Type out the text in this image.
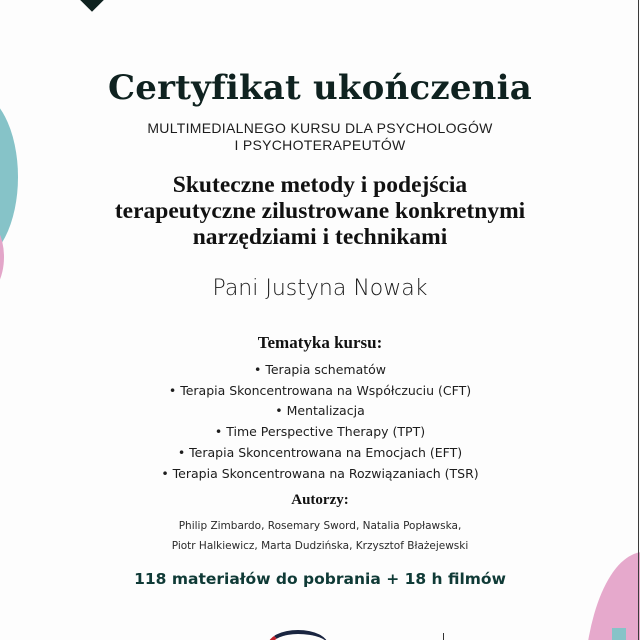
Certyfikat ukończenia
MULTIMEDIALNEGO KURSU DLA PSYCHOLOGÓW
I PSYCHOTERAPEUTÓW
Skuteczne metody i podejścia
terapeutyczne zilustrowane konkretnymi
narzędziami i technikami
Pani Justyna Nowak
Tematyka kursu:
• Terapia schematów
• Terapia Skoncentrowana na Współczuciu (CFT)
• Mentalizacja
• Time Perspective Therapy (TPT)
• Terapia Skoncentrowana na Emocjach (EFT)
• Terapia Skoncentrowana na Rozwiązaniach (TSR)
Autorzy:
Philip Zimbardo, Rosemary Sword, Natalia Popławska,
Piotr Halkiewicz, Marta Dudzińska, Krzysztof Błażejewski
118 materiałów do pobrania + 18 h filmów
